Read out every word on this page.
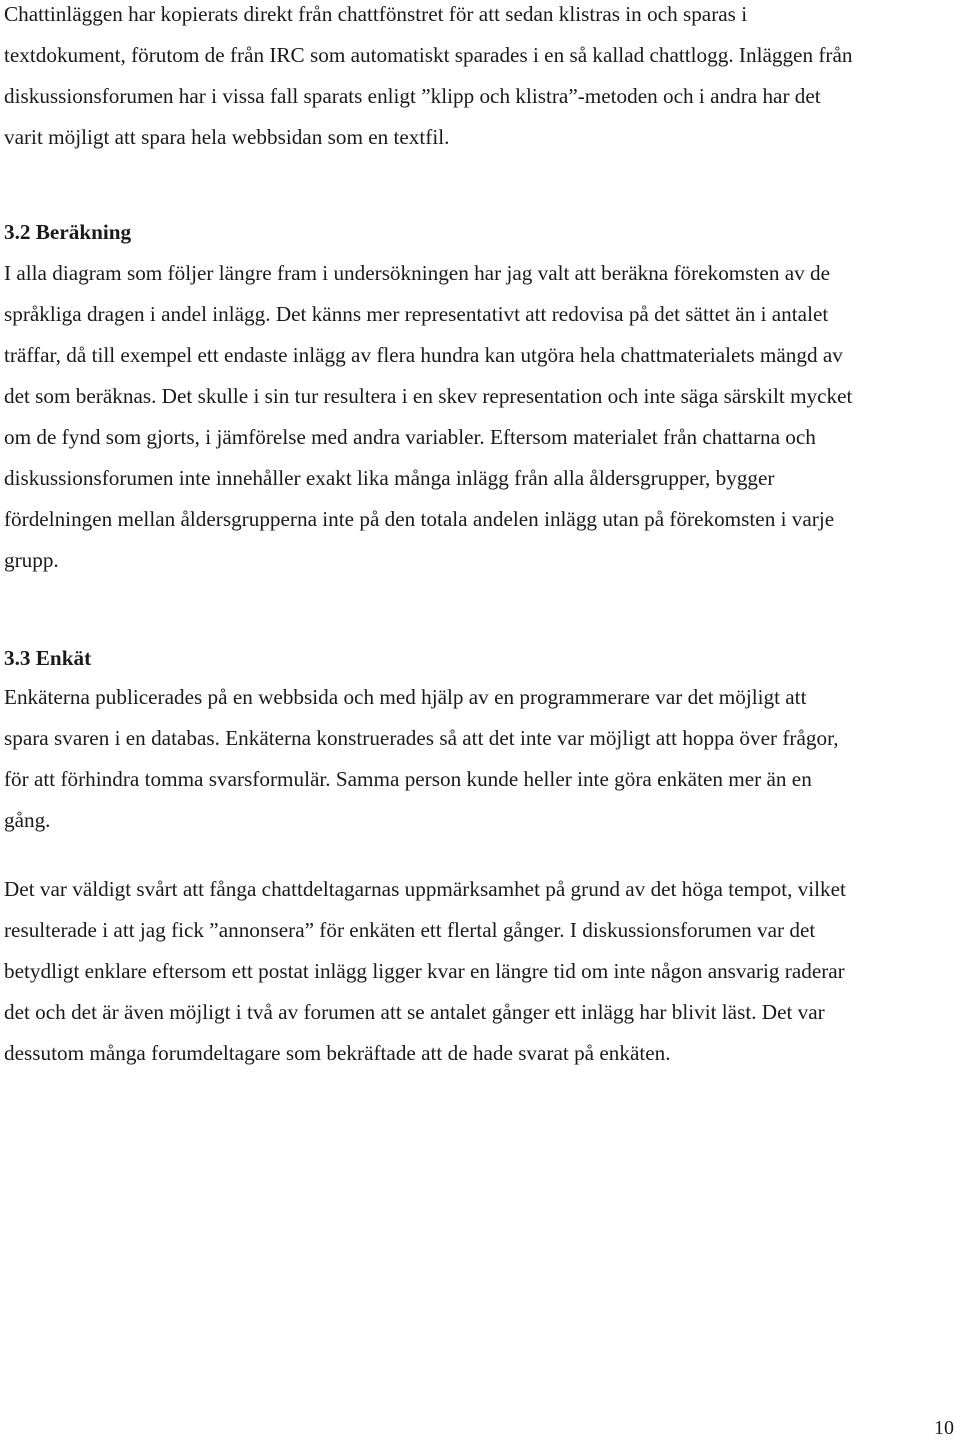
Chattinläggen har kopierats direkt från chattfönstret för att sedan klistras in och sparas i
textdokument, förutom de från IRC som automatiskt sparades i en så kallad chattlogg. Inläggen från
diskussionsforumen har i vissa fall sparats enligt ”klipp och klistra”-metoden och i andra har det
varit möjligt att spara hela webbsidan som en textfil.

3.2 Beräkning

I alla diagram som följer längre fram i undersökningen har jag valt att beräkna förekomsten av de
språkliga dragen i andel inlägg. Det känns mer representativt att redovisa på det sättet än i antalet
träffar, då till exempel ett endaste inlägg av flera hundra kan utgöra hela chattmaterialets mängd av
det som beräknas. Det skulle i sin tur resultera i en skev representation och inte säga särskilt mycket
om de fynd som gjorts, i jämförelse med andra variabler. Eftersom materialet från chattarna och
diskussionsforumen inte innehåller exakt lika många inlägg från alla åldersgrupper, bygger
fördelningen mellan åldersgrupperna inte på den totala andelen inlägg utan på förekomsten i varje
grupp.

3.3 Enkät

Enkäterna publicerades på en webbsida och med hjälp av en programmerare var det möjligt att
spara svaren i en databas. Enkäterna konstruerades så att det inte var möjligt att hoppa över frågor,
för att förhindra tomma svarsformulär. Samma person kunde heller inte göra enkäten mer än en
gång.

Det var väldigt svårt att fånga chattdeltagarnas uppmärksamhet på grund av det höga tempot, vilket
resulterade i att jag fick ”annonsera” för enkäten ett flertal gånger. I diskussionsforumen var det
betydligt enklare eftersom ett postat inlägg ligger kvar en längre tid om inte någon ansvarig raderar
det och det är även möjligt i två av forumen att se antalet gånger ett inlägg har blivit läst. Det var
dessutom många forumdeltagare som bekräftade att de hade svarat på enkäten.

10
